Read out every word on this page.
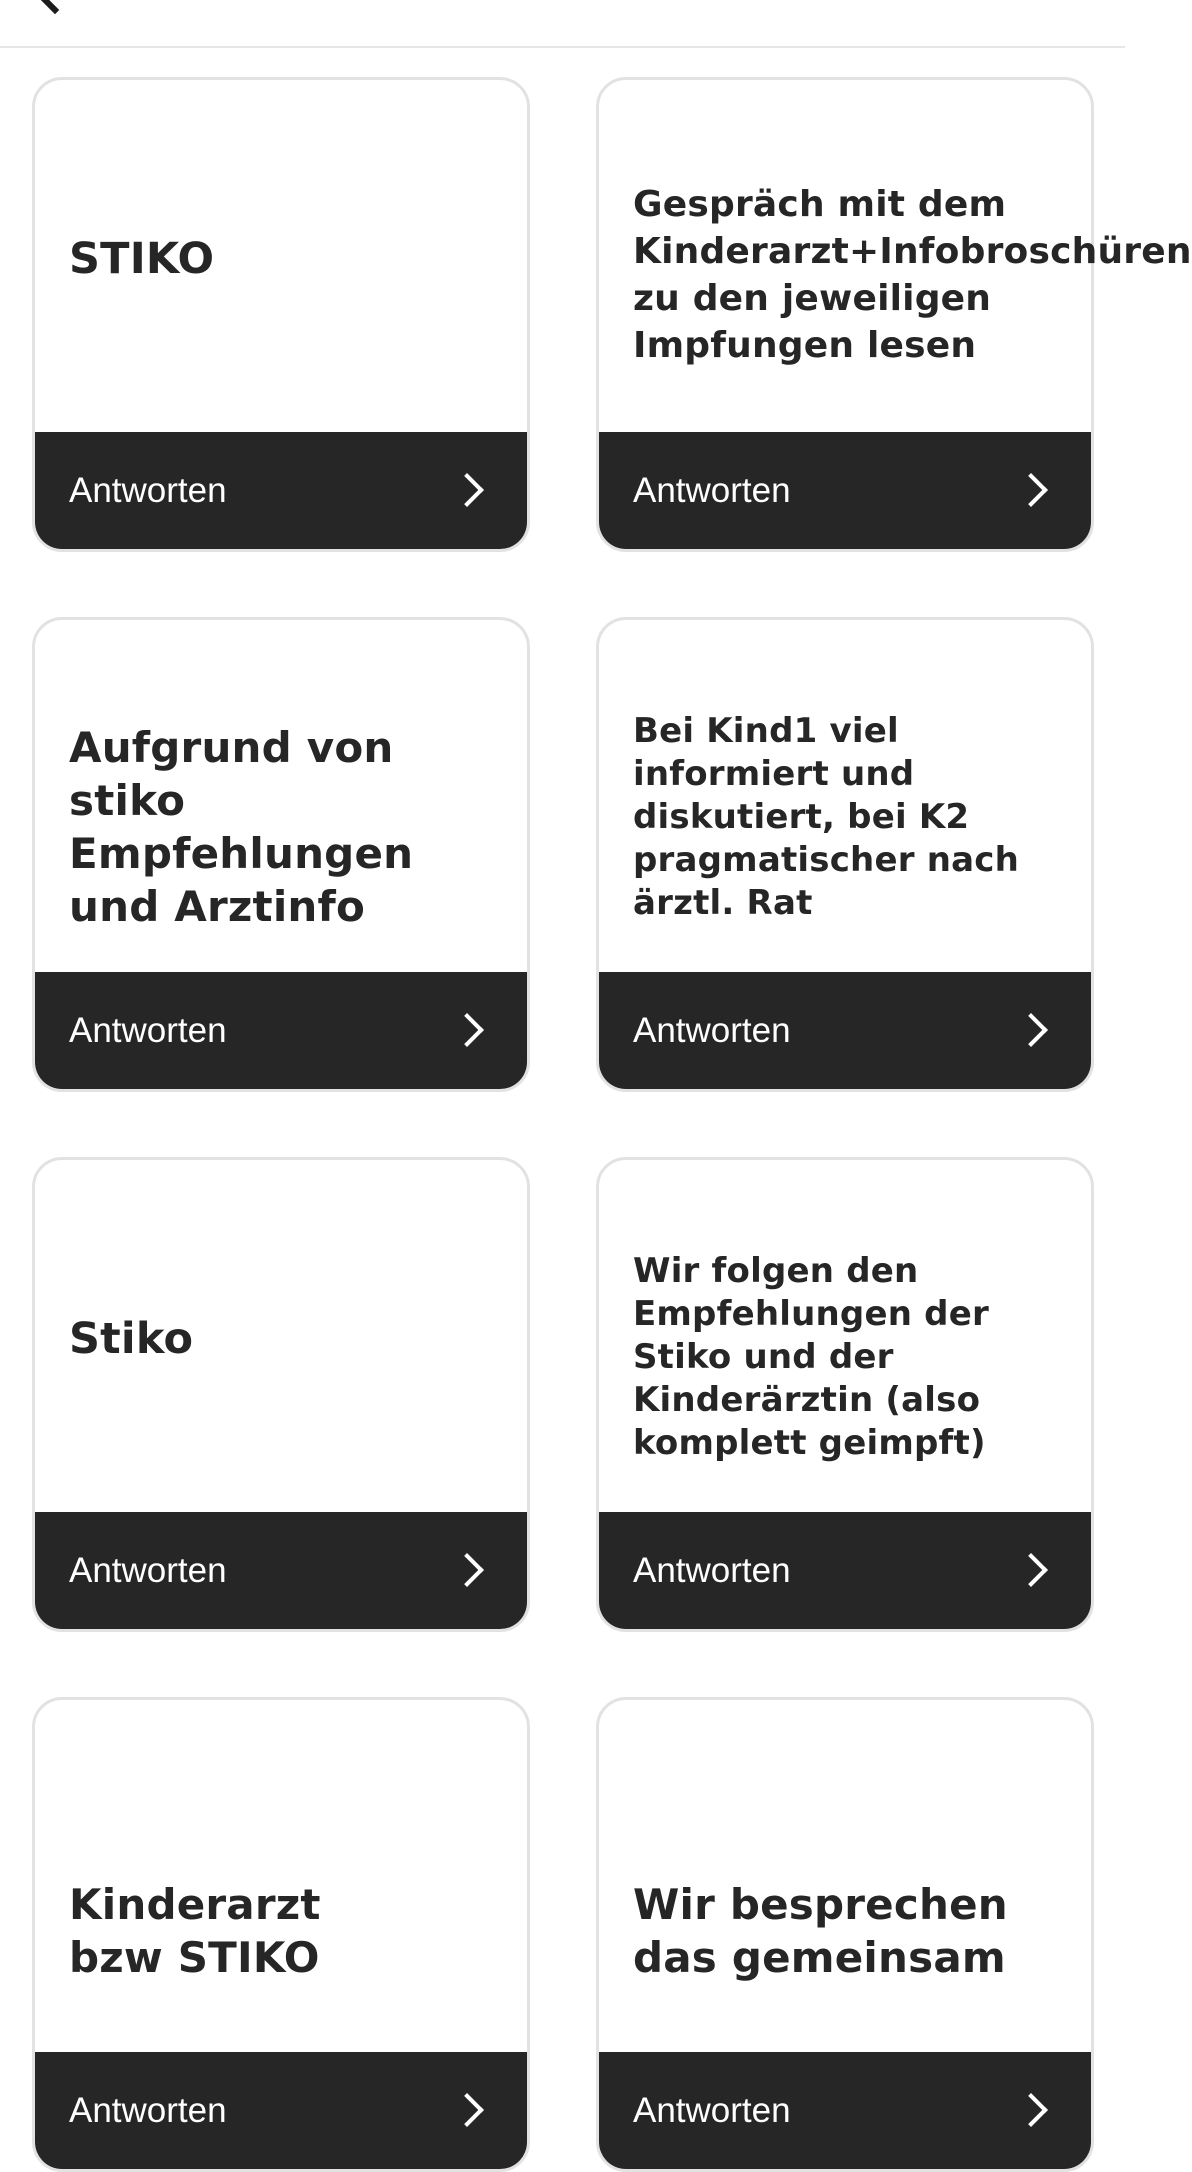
STIKO
Antworten
Gespräch mit dem Kinderarzt+Infobroschüren zu den jeweiligen Impfungen lesen
Antworten
Aufgrund von stiko Empfehlungen und Arztinfo
Antworten
Bei Kind1 viel informiert und diskutiert, bei K2 pragmatischer nach ärztl. Rat
Antworten
Stiko
Antworten
Wir folgen den Empfehlungen der Stiko und der Kinderärztin (also komplett geimpft)
Antworten
Kinderarzt bzw STIKO
Antworten
Wir besprechen das gemeinsam
Antworten
